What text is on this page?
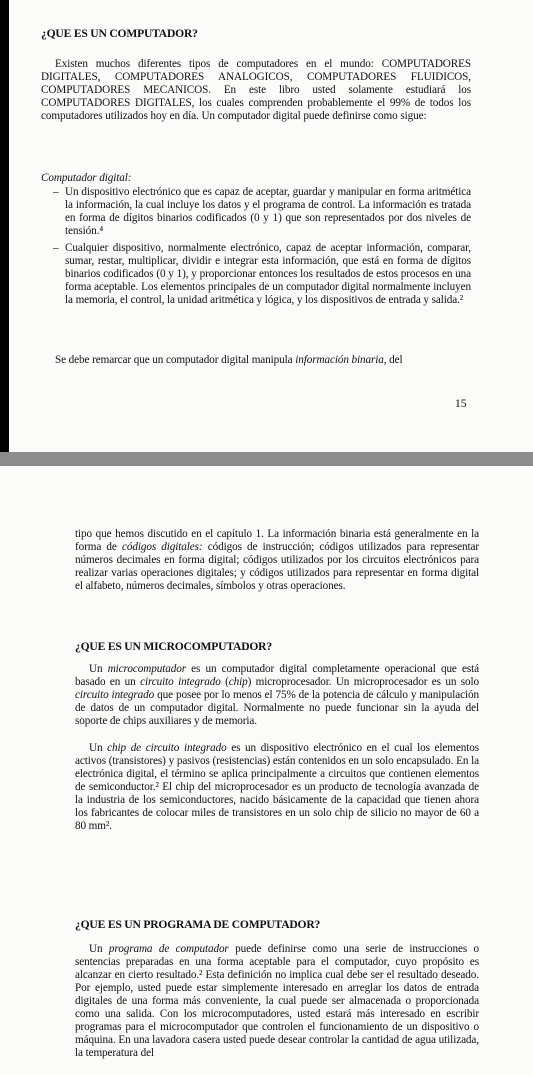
¿QUE ES UN COMPUTADOR?

Existen muchos diferentes tipos de computadores en el mundo: COMPUTADORES DIGITALES, COMPUTADORES ANALOGICOS, COMPUTADORES FLUIDICOS, COMPUTADORES MECANICOS. En este libro usted solamente estudiará los COMPUTADORES DIGITALES, los cuales comprenden probablemente el 99% de todos los computadores utilizados hoy en día. Un computador digital puede definirse como sigue:

Computador digital:

– Un dispositivo electrónico que es capaz de aceptar, guardar y manipular en forma aritmética la información, la cual incluye los datos y el programa de control. La información es tratada en forma de dígitos binarios codificados (0 y 1) que son representados por dos niveles de tensión.⁴
– Cualquier dispositivo, normalmente electrónico, capaz de aceptar información, comparar, sumar, restar, multiplicar, dividir e integrar esta información, que está en forma de dígitos binarios codificados (0 y 1), y proporcionar entonces los resultados de estos procesos en una forma aceptable. Los elementos principales de un computador digital normalmente incluyen la memoria, el control, la unidad aritmética y lógica, y los dispositivos de entrada y salida.²

Se debe remarcar que un computador digital manipula información binaria, del

15

tipo que hemos discutido en el capítulo 1. La información binaria está generalmente en la forma de códigos digitales: códigos de instrucción; códigos utilizados para representar números decimales en forma digital; códigos utilizados por los circuitos electrónicos para realizar varias operaciones digitales; y códigos utilizados para representar en forma digital el alfabeto, números decimales, símbolos y otras operaciones.

¿QUE ES UN MICROCOMPUTADOR?

Un microcomputador es un computador digital completamente operacional que está basado en un circuito integrado (chip) microprocesador. Un microprocesador es un solo circuito integrado que posee por lo menos el 75% de la potencia de cálculo y manipulación de datos de un computador digital. Normalmente no puede funcionar sin la ayuda del soporte de chips auxiliares y de memoria.

Un chip de circuito integrado es un dispositivo electrónico en el cual los elementos activos (transistores) y pasivos (resistencias) están contenidos en un solo encapsulado. En la electrónica digital, el término se aplica principalmente a circuitos que contienen elementos de semiconductor.² El chip del microprocesador es un producto de tecnología avanzada de la industria de los semiconductores, nacido básicamente de la capacidad que tienen ahora los fabricantes de colocar miles de transistores en un solo chip de silicio no mayor de 60 a 80 mm².

¿QUE ES UN PROGRAMA DE COMPUTADOR?

Un programa de computador puede definirse como una serie de instrucciones o sentencias preparadas en una forma aceptable para el computador, cuyo propósito es alcanzar en cierto resultado.² Esta definición no implica cual debe ser el resultado deseado. Por ejemplo, usted puede estar simplemente interesado en arreglar los datos de entrada digitales de una forma más conveniente, la cual puede ser almacenada o proporcionada como una salida. Con los microcomputadores, usted estará más interesado en escribir programas para el microcomputador que controlen el funcionamiento de un dispositivo o máquina. En una lavadora casera usted puede desear controlar la cantidad de agua utilizada, la temperatura del
